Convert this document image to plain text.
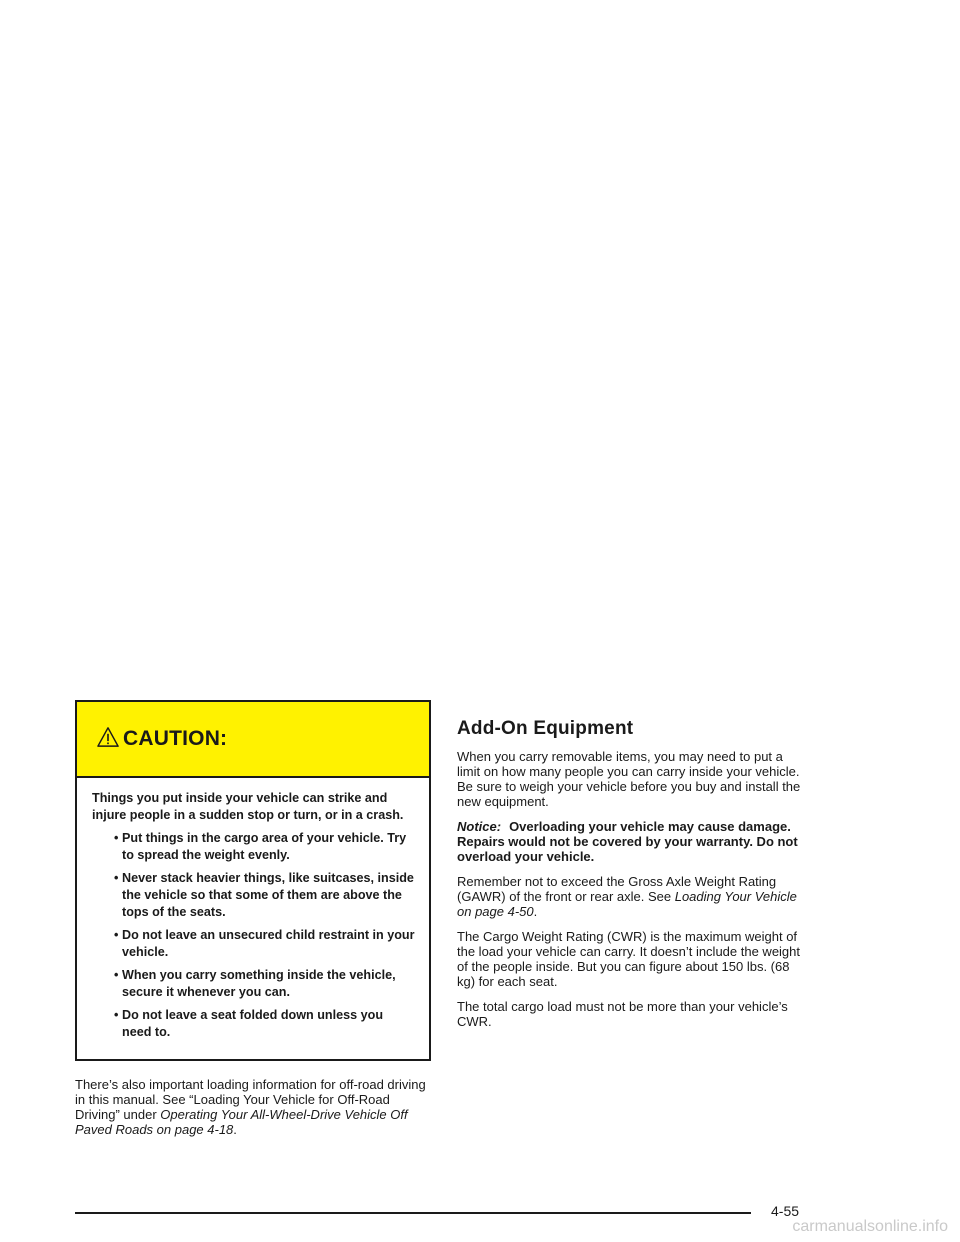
CAUTION:

Things you put inside your vehicle can strike and injure people in a sudden stop or turn, or in a crash.

• Put things in the cargo area of your vehicle. Try to spread the weight evenly.
• Never stack heavier things, like suitcases, inside the vehicle so that some of them are above the tops of the seats.
• Do not leave an unsecured child restraint in your vehicle.
• When you carry something inside the vehicle, secure it whenever you can.
• Do not leave a seat folded down unless you need to.

There’s also important loading information for off-road driving in this manual. See “Loading Your Vehicle for Off-Road Driving” under Operating Your All-Wheel-Drive Vehicle Off Paved Roads on page 4-18.

Add-On Equipment

When you carry removable items, you may need to put a limit on how many people you can carry inside your vehicle. Be sure to weigh your vehicle before you buy and install the new equipment.

Notice: Overloading your vehicle may cause damage. Repairs would not be covered by your warranty. Do not overload your vehicle.

Remember not to exceed the Gross Axle Weight Rating (GAWR) of the front or rear axle. See Loading Your Vehicle on page 4-50.

The Cargo Weight Rating (CWR) is the maximum weight of the load your vehicle can carry. It doesn’t include the weight of the people inside. But you can figure about 150 lbs. (68 kg) for each seat.

The total cargo load must not be more than your vehicle’s CWR.

4-55
carmanualsonline.info
